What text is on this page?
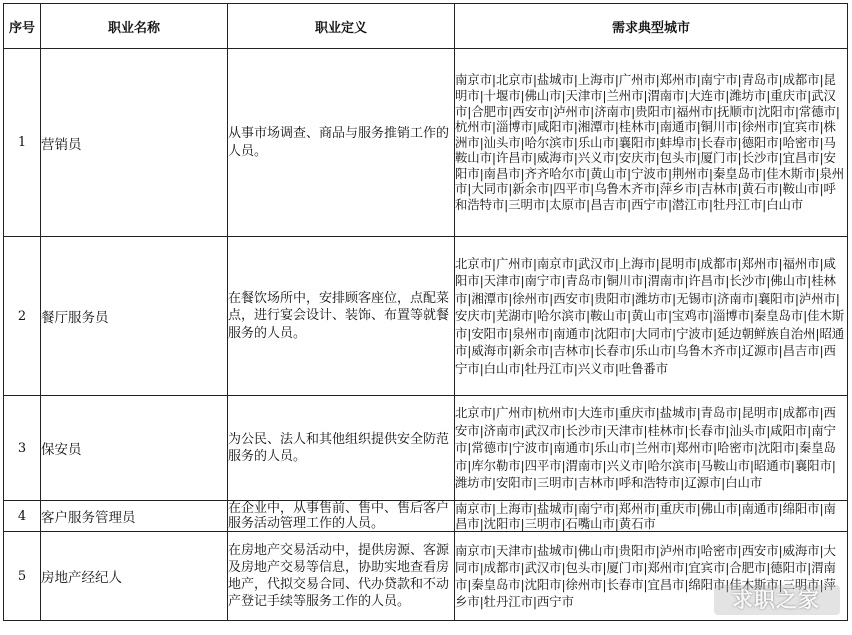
序号	职业名称	职业定义	需求典型城市
1	营销员	从事市场调查、商品与服务推销工作的人员。	南京市|北京市|盐城市|上海市|广州市|郑州市|南宁市|青岛市|成都市|昆明市|十堰市|佛山市|天津市|兰州市|渭南市|大连市|潍坊市|重庆市|武汉市|合肥市|西安市|泸州市|济南市|贵阳市|福州市|抚顺市|沈阳市|常德市|杭州市|淄博市|咸阳市|湘潭市|桂林市|南通市|铜川市|徐州市|宜宾市|株洲市|汕头市|哈尔滨市|乐山市|襄阳市|蚌埠市|长春市|德阳市|哈密市|马鞍山市|许昌市|威海市|兴义市|安庆市|包头市|厦门市|长沙市|宜昌市|安阳市|南昌市|齐齐哈尔市|黄山市|宁波市|荆州市|秦皇岛市|佳木斯市|泉州市|大同市|新余市|四平市|乌鲁木齐市|萍乡市|吉林市|黄石市|鞍山市|呼和浩特市|三明市|太原市|昌吉市|西宁市|潜江市|牡丹江市|白山市
2	餐厅服务员	在餐饮场所中，安排顾客座位，点配菜点，进行宴会设计、装饰、布置等就餐服务的人员。	北京市|广州市|南京市|武汉市|上海市|昆明市|成都市|郑州市|福州市|咸阳市|天津市|南宁市|青岛市|铜川市|渭南市|许昌市|长沙市|佛山市|桂林市|湘潭市|徐州市|西安市|贵阳市|潍坊市|无锡市|济南市|襄阳市|泸州市|安庆市|芜湖市|哈尔滨市|鞍山市|黄山市|宝鸡市|淄博市|秦皇岛市|佳木斯市|安阳市|泉州市|南通市|沈阳市|大同市|宁波市|延边朝鲜族自治州|昭通市|威海市|新余市|吉林市|长春市|乐山市|乌鲁木齐市|辽源市|昌吉市|西宁市|白山市|牡丹江市|兴义市|吐鲁番市
3	保安员	为公民、法人和其他组织提供安全防范服务的人员。	北京市|广州市|杭州市|大连市|重庆市|盐城市|青岛市|昆明市|成都市|西安市|济南市|武汉市|长沙市|天津市|桂林市|长春市|汕头市|咸阳市|南宁市|常德市|宁波市|南通市|乐山市|兰州市|郑州市|哈密市|沈阳市|秦皇岛市|库尔勒市|四平市|渭南市|兴义市|哈尔滨市|马鞍山市|昭通市|襄阳市|潍坊市|安阳市|三明市|吉林市|呼和浩特市|辽源市|白山市
4	客户服务管理员	在企业中，从事售前、售中、售后客户服务活动管理工作的人员。	南京市|上海市|盐城市|南宁市|郑州市|重庆市|佛山市|南通市|绵阳市|南昌市|沈阳市|三明市|石嘴山市|黄石市
5	房地产经纪人	在房地产交易活动中，提供房源、客源及房地产交易等信息，协助实地查看房地产，代拟交易合同、代办贷款和不动产登记手续等服务工作的人员。	南京市|天津市|盐城市|佛山市|贵阳市|泸州市|哈密市|西安市|威海市|大同市|成都市|武汉市|包头市|厦门市|郑州市|宜宾市|合肥市|德阳市|渭南市|秦皇岛市|沈阳市|徐州市|长春市|宜昌市|绵阳市|佳木斯市|三明市|萍乡市|牡丹江市|西宁市	求职之家
